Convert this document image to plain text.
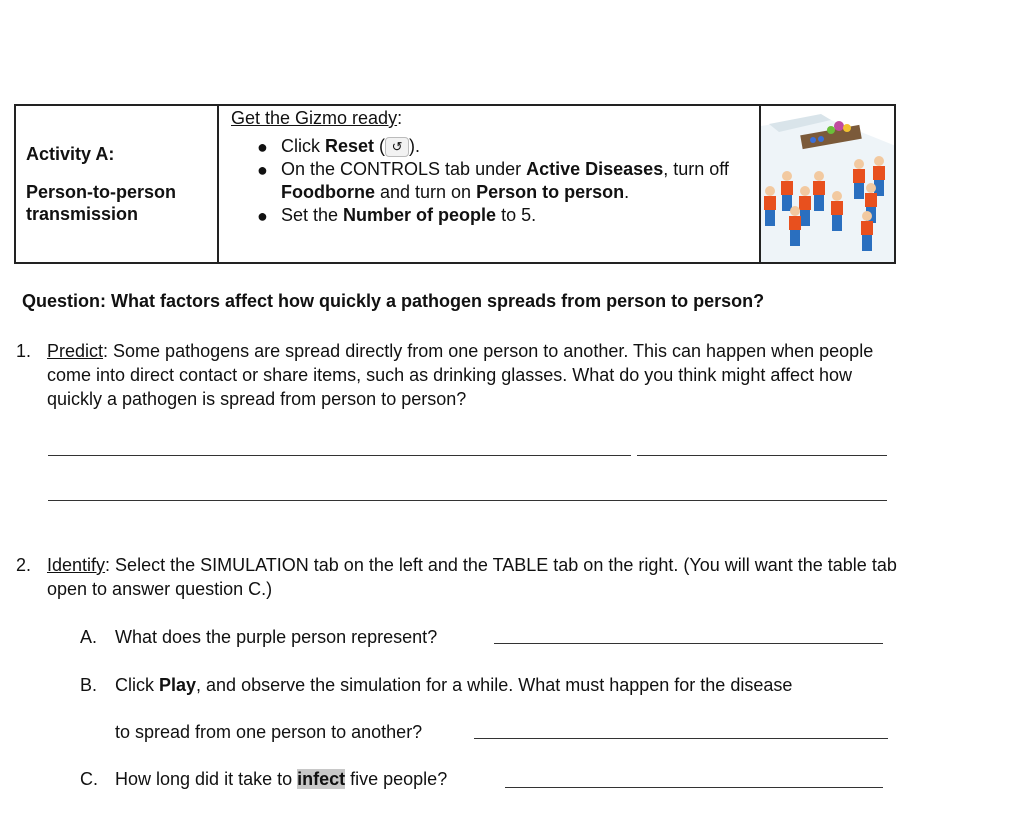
Activity A:
Person-to-person transmission
Get the Gizmo ready:
● Click Reset ( ↺ ).
● On the CONTROLS tab under Active Diseases, turn off Foodborne and turn on Person to person.
● Set the Number of people to 5.
Question: What factors affect how quickly a pathogen spreads from person to person?
1. Predict: Some pathogens are spread directly from one person to another. This can happen when people come into direct contact or share items, such as drinking glasses. What do you think might affect how quickly a pathogen is spread from person to person?
2. Identify: Select the SIMULATION tab on the left and the TABLE tab on the right. (You will want the table tab open to answer question C.)
A. What does the purple person represent?
B. Click Play, and observe the simulation for a while. What must happen for the disease
to spread from one person to another?
C. How long did it take to infect five people?
